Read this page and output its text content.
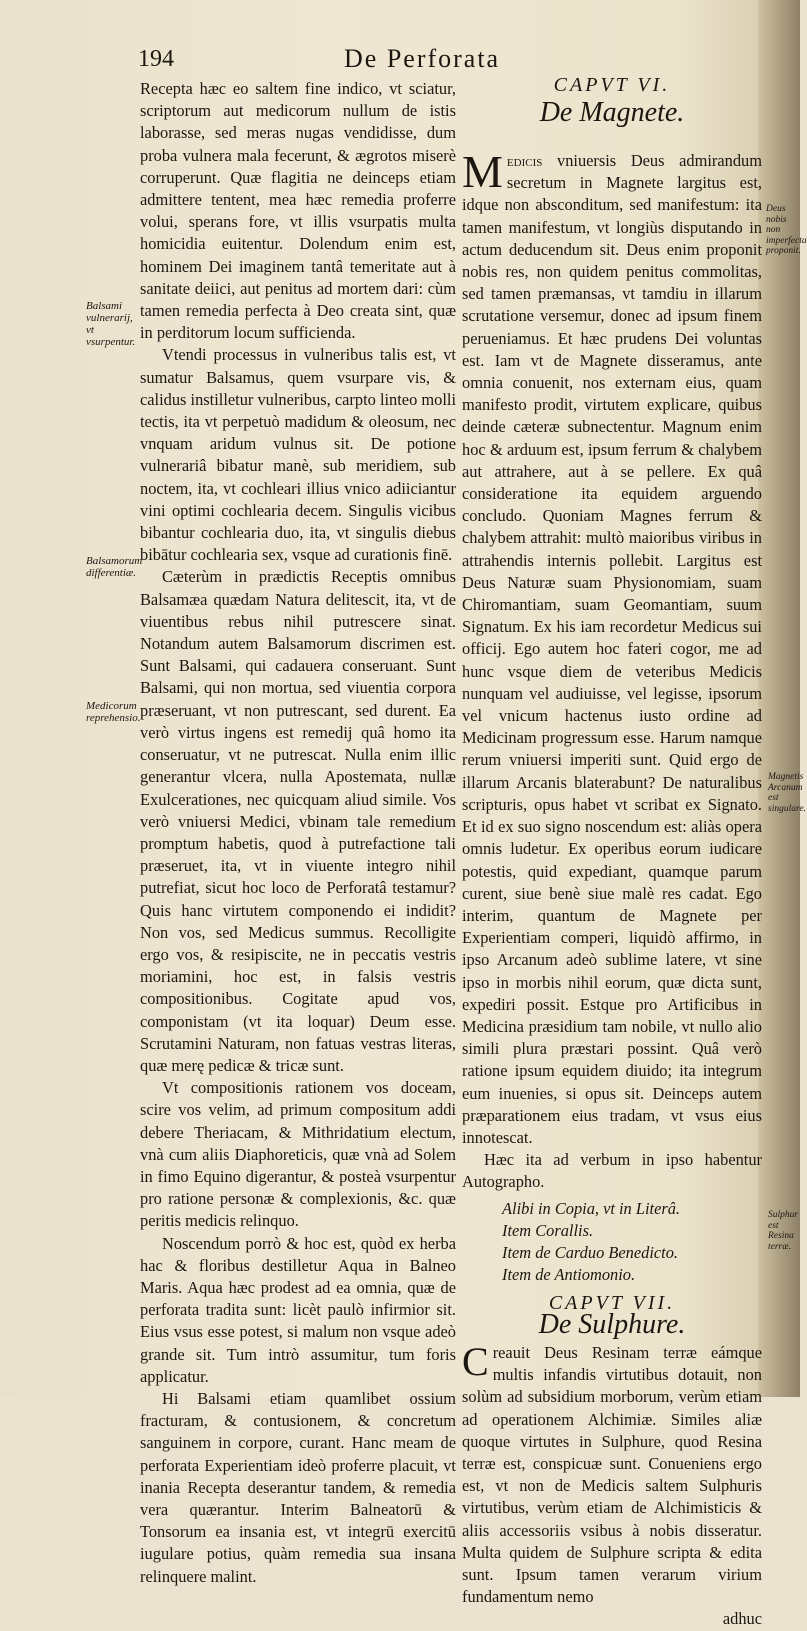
194	De Perforata

Recepta hæc eo saltem fine indico, vt sciatur, scriptorum aut medicorum nullum de istis laborasse, sed meras nugas vendidisse, dum proba vulnera mala fecerunt, & ægrotos miserè corruperunt. Quæ flagitia ne deinceps etiam admittere tentent, mea hæc remedia proferre volui, sperans fore, vt illis vsurpatis multa homicidia euitentur. Dolendum enim est, hominem Dei imaginem tantâ temeritate aut à sanitate deiici, aut penitus ad mortem dari: cùm tamen remedia perfecta à Deo creata sint, quæ in perditorum locum sufficienda.

Vtendi processus in vulneribus talis est, vt sumatur Balsamus, quem vsurpare vis, & calidus instilletur vulneribus, carpto linteo molli tectis, ita vt perpetuò madidum & oleosum, nec vnquam aridum vulnus sit. De potione vulnerariâ bibatur manè, sub meridiem, sub noctem, ita, vt cochleari illius vnico adiiciantur vini optimi cochlearia decem. Singulis vicibus bibantur cochlearia duo, ita, vt singulis diebus bibātur cochlearia sex, vsque ad curationis finē.

Cæterùm in prædictis Receptis omnibus Balsamæa quædam Natura delitescit, ita, vt de viuentibus rebus nihil putrescere sinat. Notandum autem Balsamorum discrimen est. Sunt Balsami, qui cadauera conseruant. Sunt Balsami, qui non mortua, sed viuentia corpora præseruant, vt non putrescant, sed durent. Ea verò virtus ingens est remedij quâ homo ita conseruatur, vt ne putrescat. Nulla enim illic generantur vlcera, nulla Apostemata, nullæ Exulcerationes, nec quicquam aliud simile. Vos verò vniuersi Medici, vbinam tale remedium promptum habetis, quod à putrefactione tali præseruet, ita, vt in viuente integro nihil putrefiat, sicut hoc loco de Perforatâ testamur? Quis hanc virtutem componendo ei indidit? Non vos, sed Medicus summus. Recolligite ergo vos, & resipiscite, ne in peccatis vestris moriamini, hoc est, in falsis vestris compositionibus. Cogitate apud vos, componistam (vt ita loquar) Deum esse. Scrutamini Naturam, non fatuas vestras literas, quæ merę pedicæ & tricæ sunt.

Vt compositionis rationem vos doceam, scire vos velim, ad primum compositum addi debere Theriacam, & Mithridatium electum, vnà cum aliis Diaphoreticis, quæ vnà ad Solem in fimo Equino digerantur, & posteà vsurpentur pro ratione personæ & complexionis, &c. quæ peritis medicis relinquo.

Noscendum porrò & hoc est, quòd ex herba hac & floribus destilletur Aqua in Balneo Maris. Aqua hæc prodest ad ea omnia, quæ de perforata tradita sunt: licèt paulò infirmior sit. Eius vsus esse potest, si malum non vsque adeò grande sit. Tum intrò assumitur, tum foris applicatur.

Hi Balsami etiam quamlibet ossium fracturam, & contusionem, & concretum sanguinem in corpore, curant. Hanc meam de perforata Experientiam ideò proferre placuit, vt inania Recepta deserantur tandem, & remedia vera quærantur. Interim Balneatorū & Tonsorum ea insania est, vt integrū exercitū iugulare potius, quàm remedia sua insana relinquere malint.

Balsami vulnerarij, vt vsurpentur.
Balsamorum differentiæ.
Medicorum reprehensio.
CAPVT VI.
De Magnete.

Medicis vniuersis Deus admirandum secretum in Magnete largitus est, idque non absconditum, sed manifestum: ita tamen manifestum, vt longiùs disputando in actum deducendum sit. Deus enim proponit nobis res, non quidem penitus commolitas, sed tamen præmansas, vt tamdiu in illarum scrutatione versemur, donec ad ipsum finem perueniamus. Et hæc prudens Dei voluntas est. Iam vt de Magnete disseramus, ante omnia conuenit, nos externam eius, quam manifesto prodit, virtutem explicare, quibus deinde cæteræ subnectentur. Magnum enim hoc & arduum est, ipsum ferrum & chalybem aut attrahere, aut à se pellere. Ex quâ consideratione ita equidem arguendo concludo. Quoniam Magnes ferrum & chalybem attrahit: multò maioribus viribus in attrahendis internis pollebit. Largitus est Deus Naturæ suam Physionomiam, suam Chiromantiam, suam Geomantiam, suum Signatum. Ex his iam recordetur Medicus sui officij. Ego autem hoc fateri cogor, me ad hunc vsque diem de veteribus Medicis nunquam vel audiuisse, vel legisse, ipsorum vel vnicum hactenus iusto ordine ad Medicinam progressum esse. Harum namque rerum vniuersi imperiti sunt. Quid ergo de illarum Arcanis blaterabunt? De naturalibus scripturis, opus habet vt scribat ex Signato. Et id ex suo signo noscendum est: aliàs opera omnis ludetur. Ex operibus eorum iudicare potestis, quid expediant, quamque parum curent, siue benè siue malè res cadat. Ego interim, quantum de Magnete per Experientiam comperi, liquidò affirmo, in ipso Arcanum adeò sublime latere, vt sine ipso in morbis nihil eorum, quæ dicta sunt, expediri possit. Estque pro Artificibus in Medicina præsidium tam nobile, vt nullo alio simili plura præstari possint. Quâ verò ratione ipsum equidem diuido; ita integrum eum inuenies, si opus sit. Deinceps autem præparationem eius tradam, vt vsus eius innotescat.

Hæc ita ad verbum in ipso habentur Autographo.

Alibi in Copia, vt in Literâ.
Item Corallis.
Item de Carduo Benedicto.
Item de Antiomonio.
CAPVT VII.
De Sulphure.

Creauit Deus Resinam terræ eámque multis infandis virtutibus dotauit, non solùm ad subsidium morborum, verùm etiam ad operationem Alchimiæ. Similes aliæ quoque virtutes in Sulphure, quod Resina terræ est, conspicuæ sunt. Conueniens ergo est, vt non de Medicis saltem Sulphuris virtutibus, verùm etiam de Alchimisticis & aliis accessoriis vsibus à nobis disseratur. Multa quidem de Sulphure scripta & edita sunt. Ipsum tamen verarum virium fundamentum nemo

adhuc
Deus nobis non imperfecta proponit.
Magnetis Arcanum est singulare.
Sulphur est Resina terræ.
